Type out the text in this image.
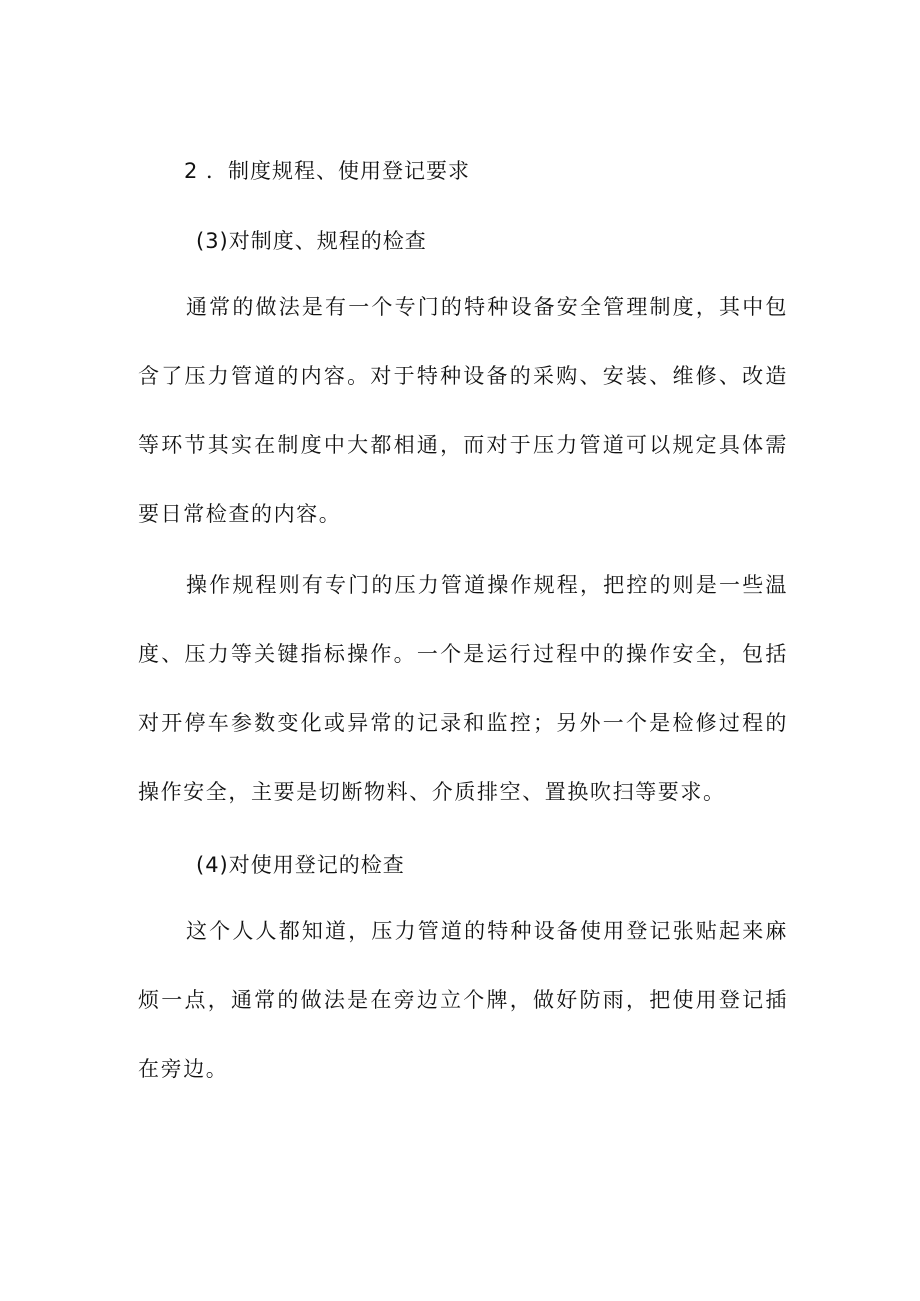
2 ．制度规程、使用登记要求
(3)对制度、规程的检查

通常的做法是有一个专门的特种设备安全管理制度，其中包含了压力管道的内容。对于特种设备的采购、安装、维修、改造等环节其实在制度中大都相通，而对于压力管道可以规定具体需要日常检查的内容。

操作规程则有专门的压力管道操作规程，把控的则是一些温度、压力等关键指标操作。一个是运行过程中的操作安全，包括对开停车参数变化或异常的记录和监控；另外一个是检修过程的操作安全，主要是切断物料、介质排空、置换吹扫等要求。

(4)对使用登记的检查

这个人人都知道，压力管道的特种设备使用登记张贴起来麻烦一点，通常的做法是在旁边立个牌，做好防雨，把使用登记插在旁边。
